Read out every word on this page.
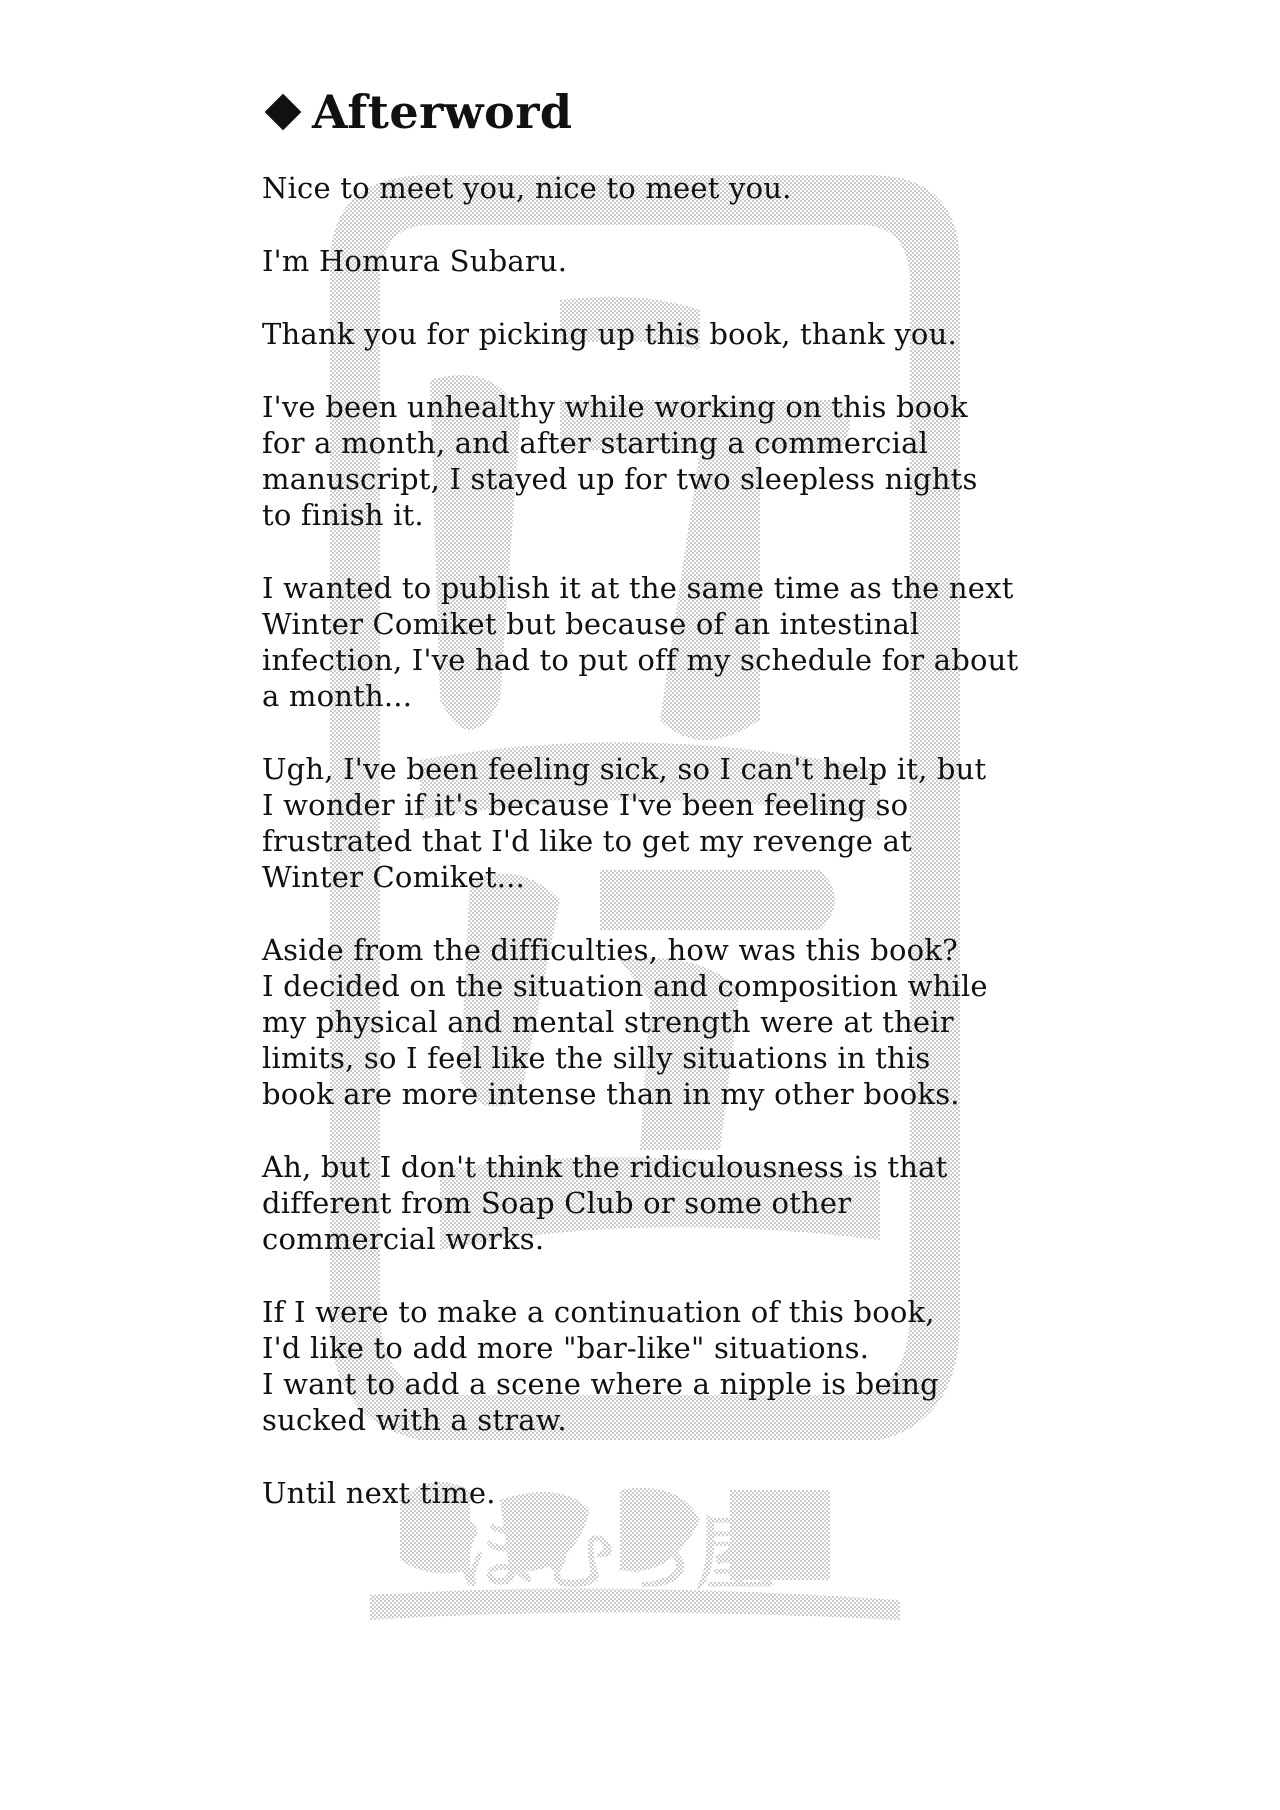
ほむら屋
Afterword
Nice to meet you, nice to meet you.
I'm Homura Subaru.
Thank you for picking up this book, thank you.
I've been unhealthy while working on this book
for a month, and after starting a commercial
manuscript, I stayed up for two sleepless nights
to finish it.
I wanted to publish it at the same time as the next
Winter Comiket but because of an intestinal
infection, I've had to put off my schedule for about
a month...
Ugh, I've been feeling sick, so I can't help it, but
I wonder if it's because I've been feeling so
frustrated that I'd like to get my revenge at
Winter Comiket...
Aside from the difficulties, how was this book?
I decided on the situation and composition while
my physical and mental strength were at their
limits, so I feel like the silly situations in this
book are more intense than in my other books.
Ah, but I don't think the ridiculousness is that
different from Soap Club or some other
commercial works.
If I were to make a continuation of this book,
I'd like to add more "bar-like" situations.
I want to add a scene where a nipple is being
sucked with a straw.
Until next time.
